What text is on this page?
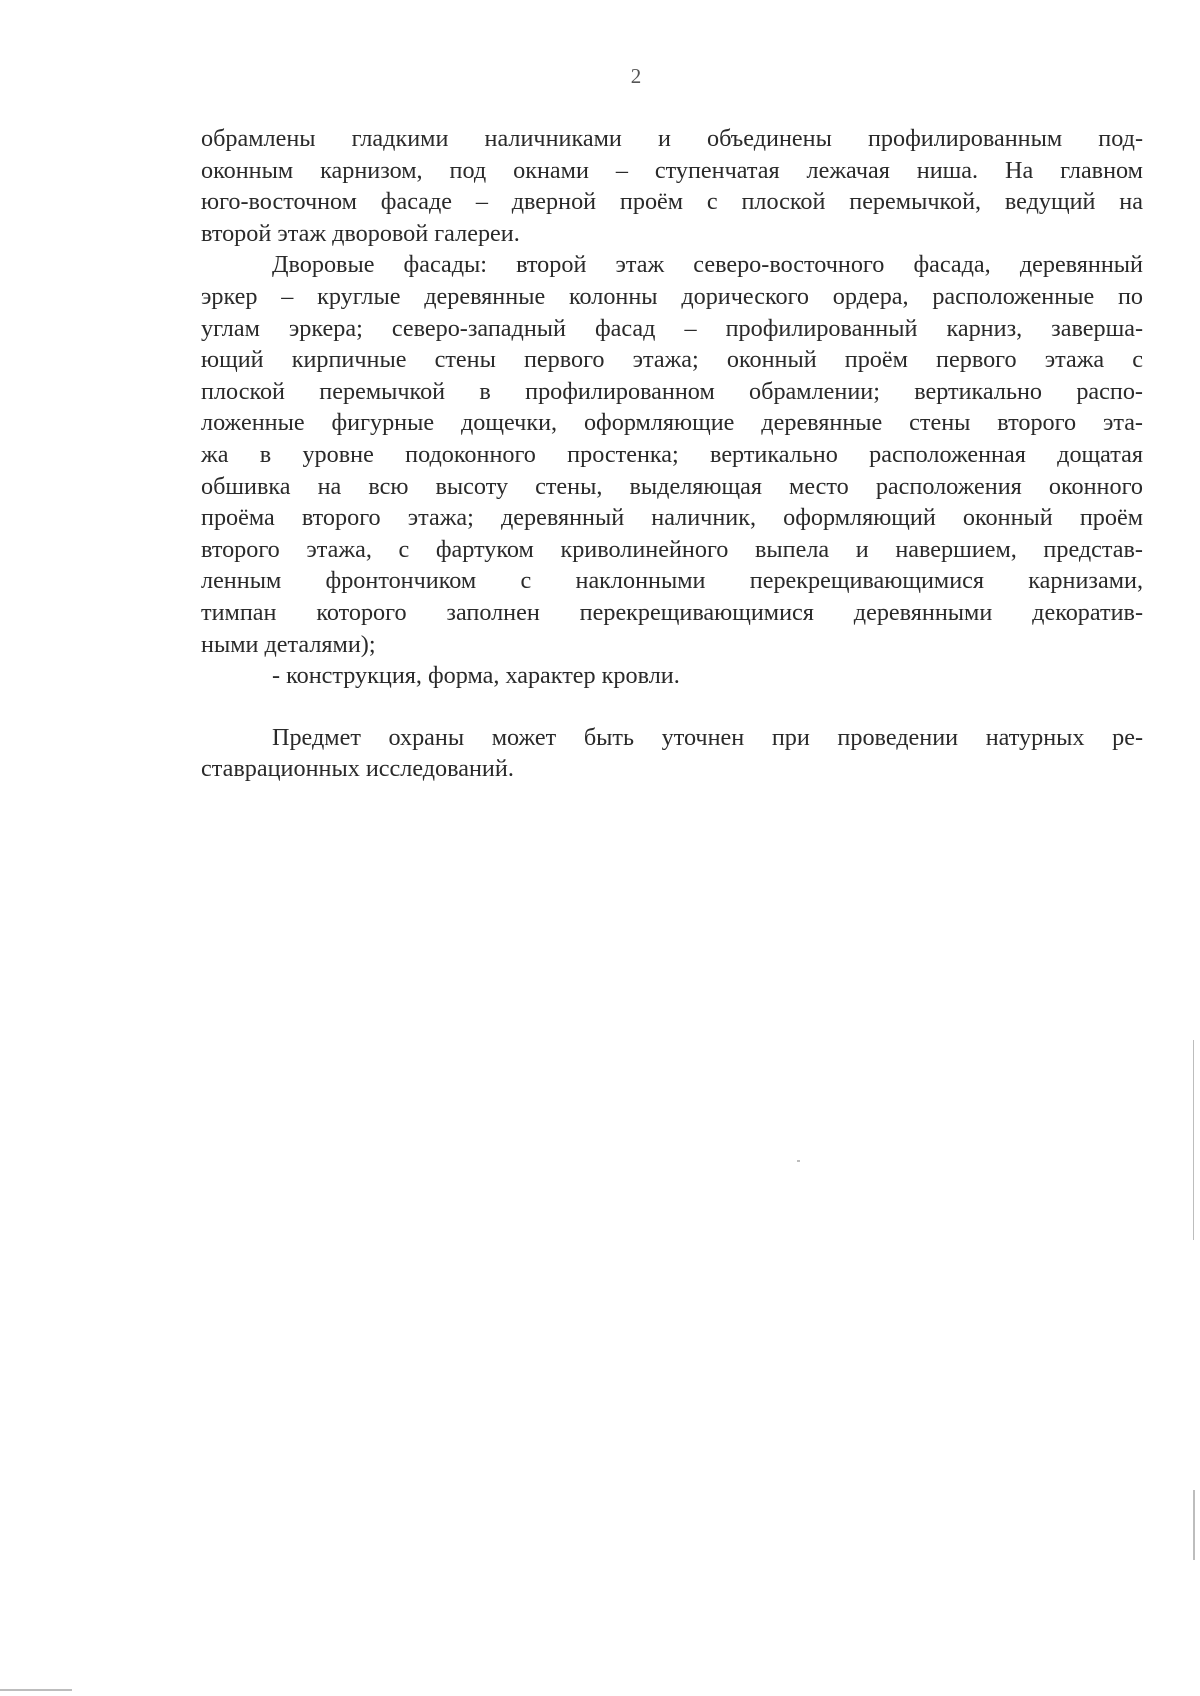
2
обрамлены гладкими наличниками и объединены профилированным под-
оконным карнизом, под окнами – ступенчатая лежачая ниша. На главном
юго-восточном фасаде – дверной проём с плоской перемычкой, ведущий на
второй этаж дворовой галереи.
Дворовые фасады: второй этаж северо-восточного фасада, деревянный
эркер – круглые деревянные колонны дорического ордера, расположенные по
углам эркера; северо-западный фасад – профилированный карниз, заверша-
ющий кирпичные стены первого этажа; оконный проём первого этажа с
плоской перемычкой в профилированном обрамлении; вертикально распо-
ложенные фигурные дощечки, оформляющие деревянные стены второго эта-
жа в уровне подоконного простенка; вертикально расположенная дощатая
обшивка на всю высоту стены, выделяющая место расположения оконного
проёма второго этажа; деревянный наличник, оформляющий оконный проём
второго этажа, с фартуком криволинейного выпела и навершием, представ-
ленным фронтончиком с наклонными перекрещивающимися карнизами,
тимпан которого заполнен перекрещивающимися деревянными декоратив-
ными деталями);
- конструкция, форма, характер кровли.
Предмет охраны может быть уточнен при проведении натурных ре-
ставрационных исследований.
